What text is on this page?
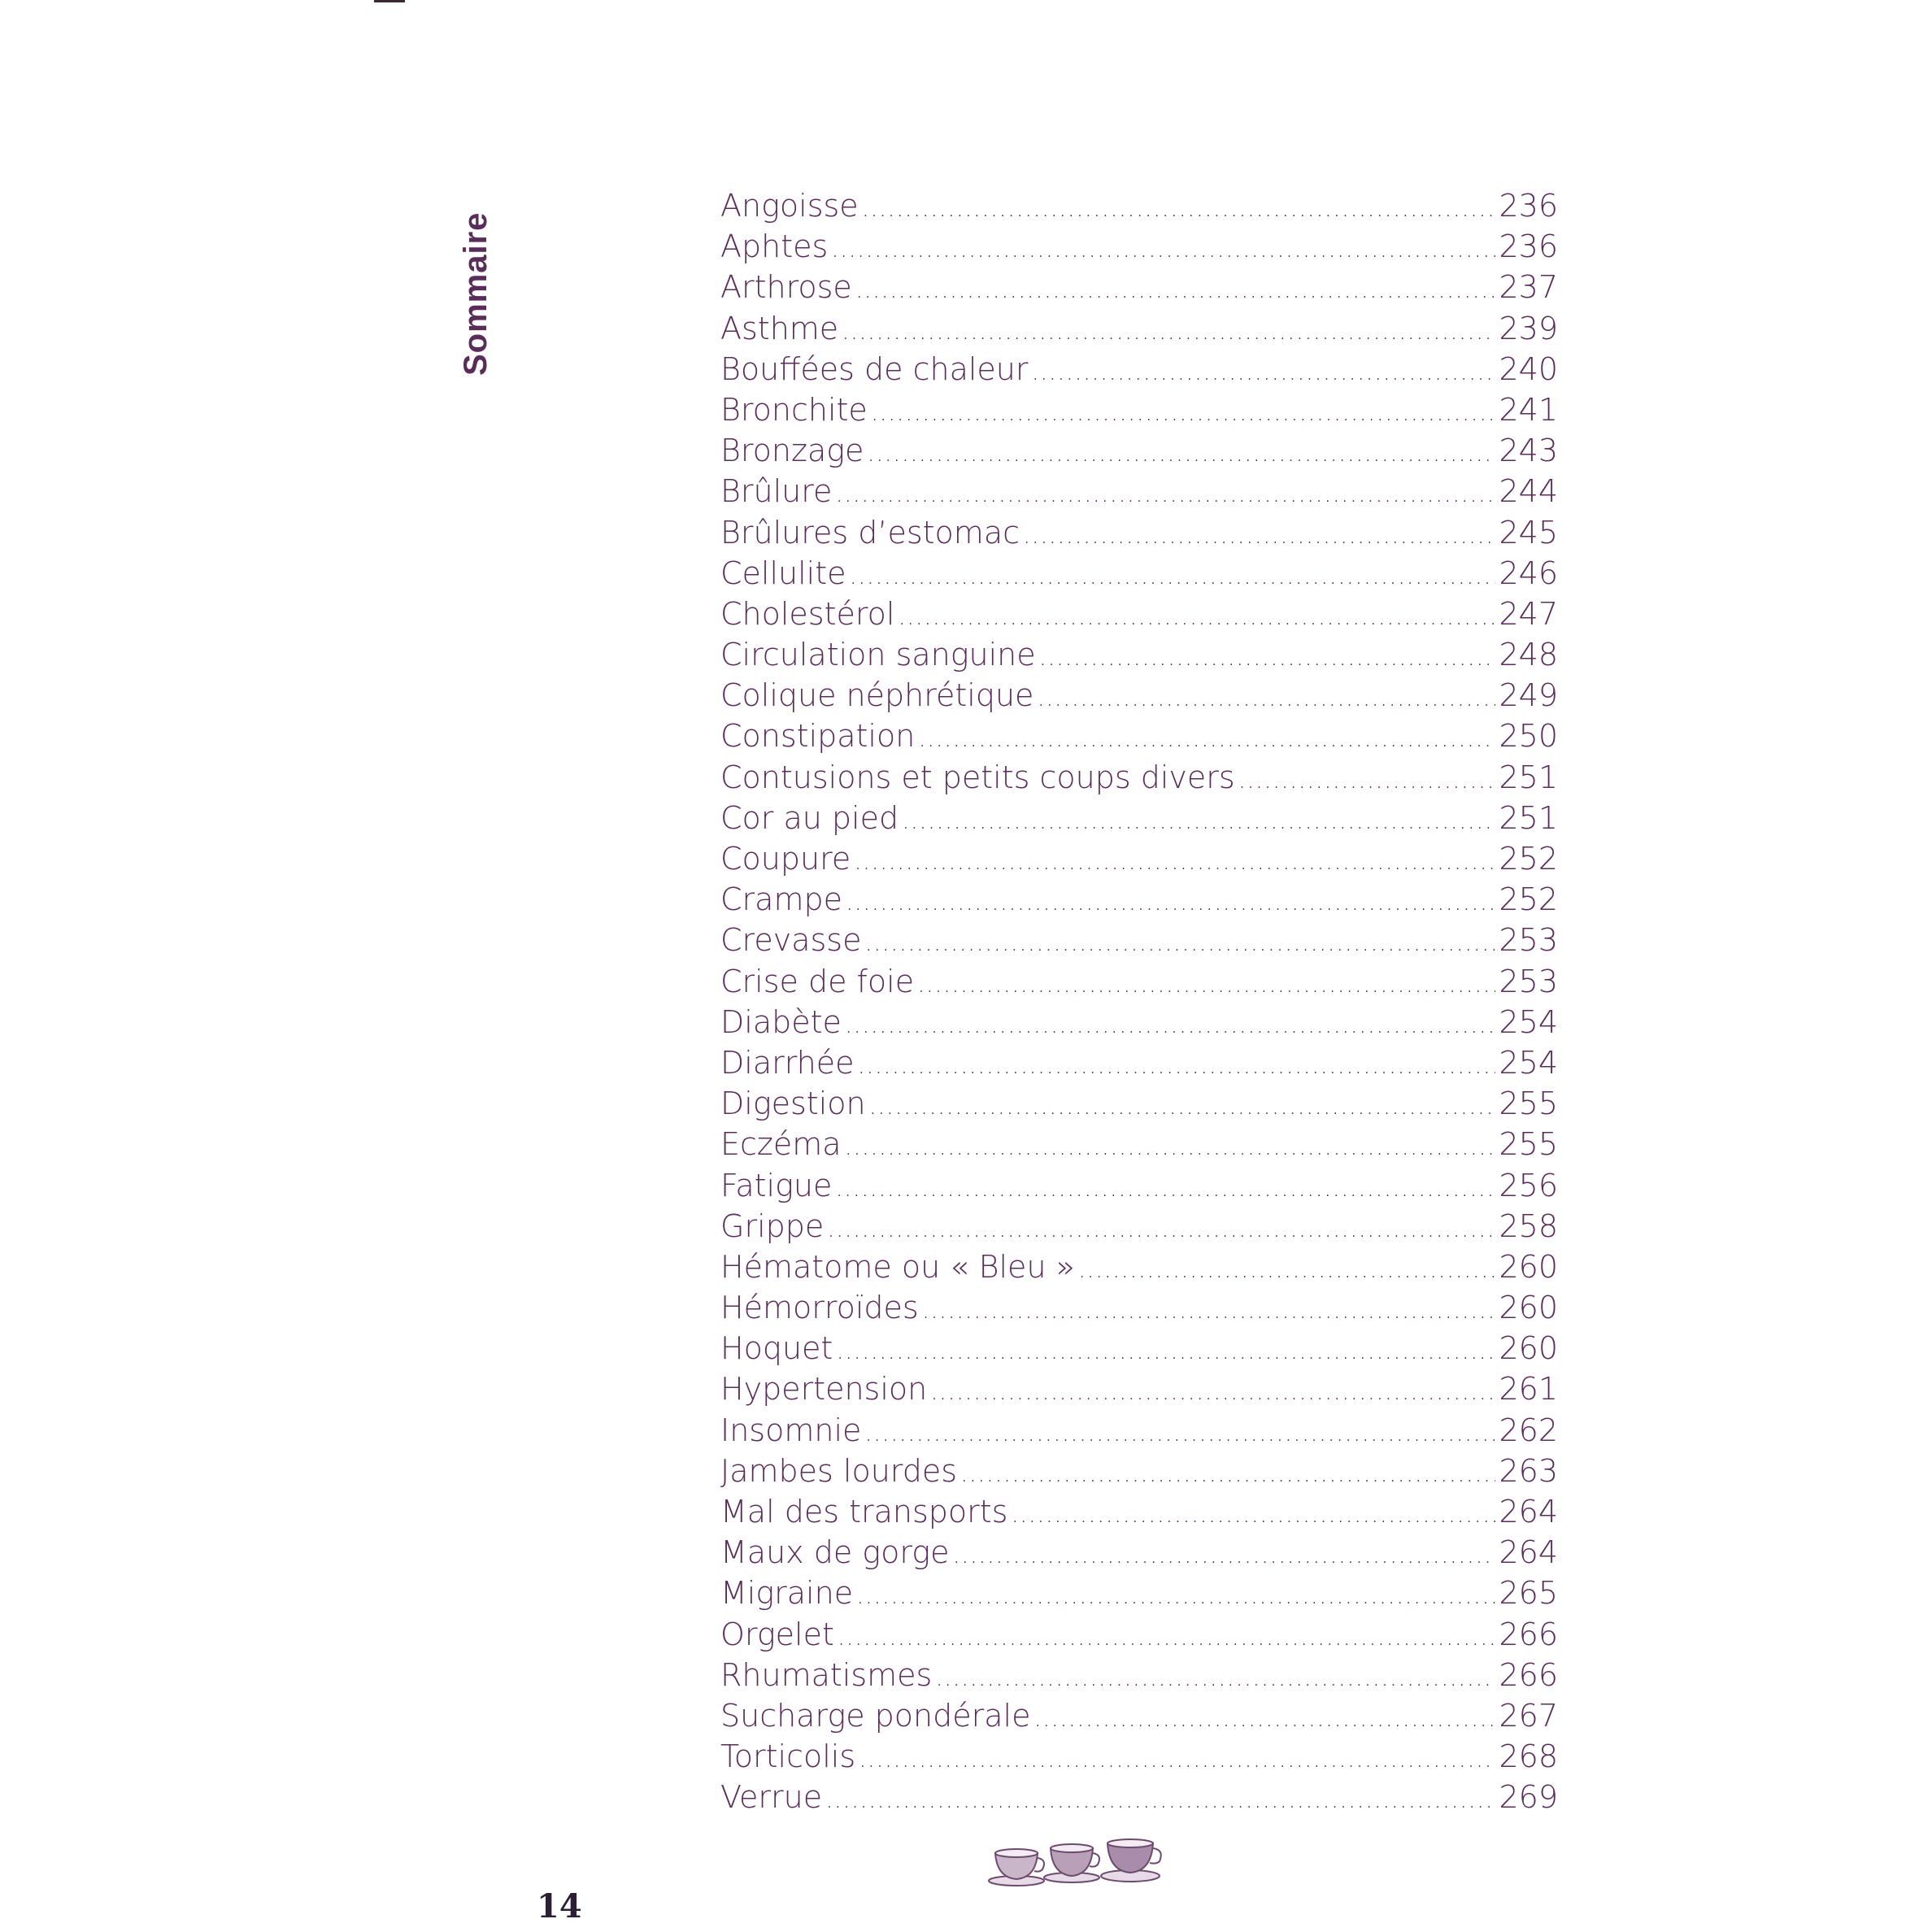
Sommaire
Angoisse .....	236
Aphtes .....	236
Arthrose .....	237
Asthme .....	239
Bouffées de chaleur .....	240
Bronchite .....	241
Bronzage .....	243
Brûlure .....	244
Brûlures d’estomac .....	245
Cellulite .....	246
Cholestérol .....	247
Circulation sanguine .....	248
Colique néphrétique .....	249
Constipation .....	250
Contusions et petits coups divers .....	251
Cor au pied .....	251
Coupure .....	252
Crampe .....	252
Crevasse .....	253
Crise de foie .....	253
Diabète .....	254
Diarrhée .....	254
Digestion .....	255
Eczéma .....	255
Fatigue .....	256
Grippe .....	258
Hématome ou « Bleu » .....	260
Hémorroïdes .....	260
Hoquet .....	260
Hypertension .....	261
Insomnie .....	262
Jambes lourdes .....	263
Mal des transports .....	264
Maux de gorge .....	264
Migraine .....	265
Orgelet .....	266
Rhumatismes .....	266
Sucharge pondérale .....	267
Torticolis .....	268
Verrue .....	269
14
